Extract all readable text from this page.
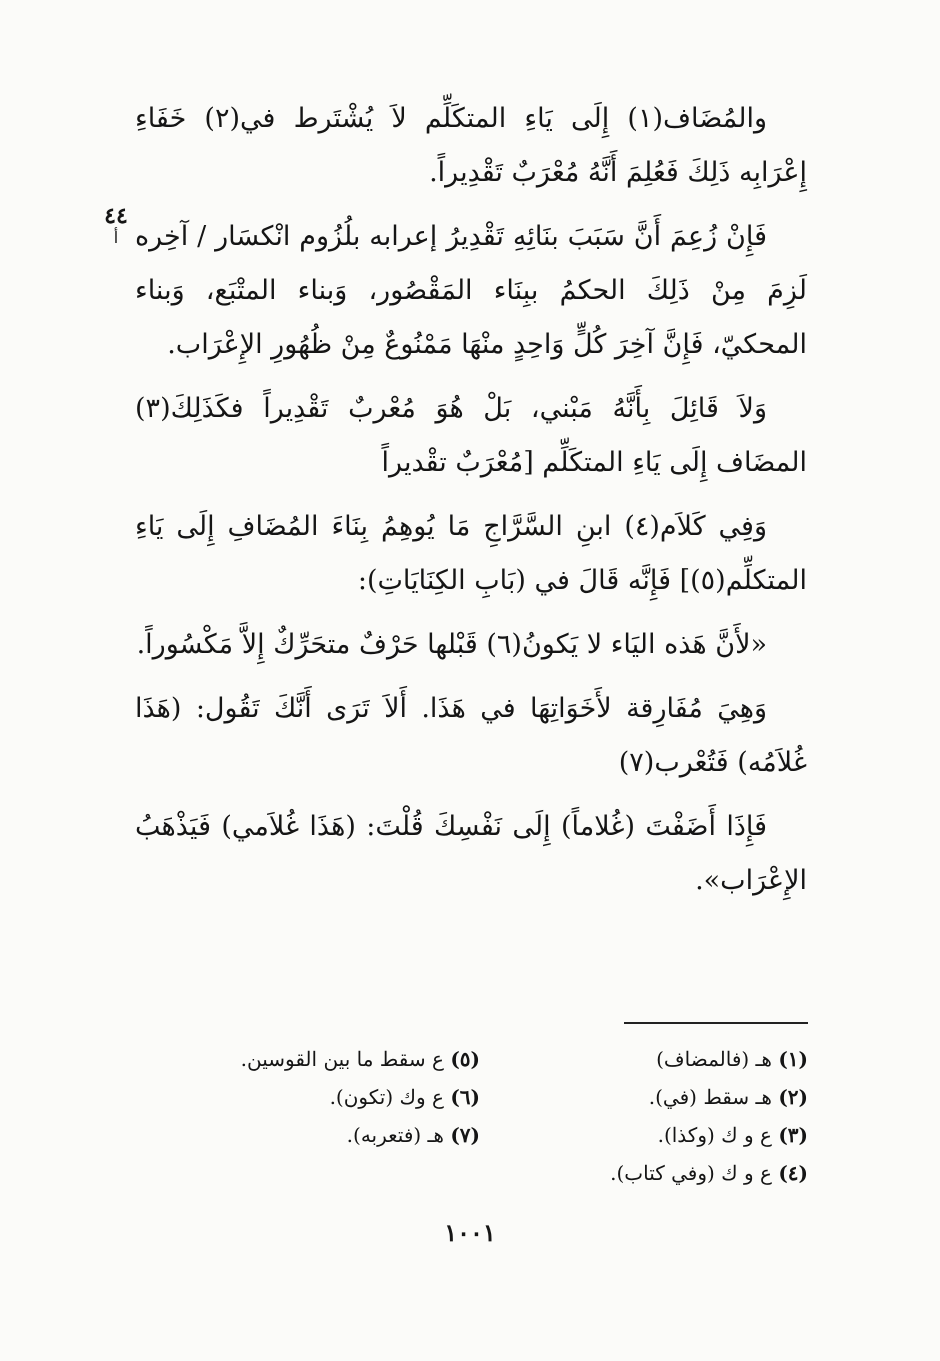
٤٤
أ

والمُضَاف(١) إِلَى يَاءِ المتكَلِّم لاَ يُشْتَرط في(٢) خَفَاءِ إِعْرَابِه ذَلِكَ فَعُلِمَ أَنَّهُ مُعْرَبٌ تَقْدِيراً.

فَإِنْ زُعِمَ أَنَّ سَبَبَ بنَائِهِ تَقْدِيرُ إعرابه بلُزُوم انْكسَار / آخِره لَزِمَ مِنْ ذَلِكَ الحكمُ ببِنَاء المَقْصُور، وَبناء المتْبَع، وَبناء المحكيّ، فَإِنَّ آخِرَ كُلٍّ وَاحِدٍ منْهَا مَمْنُوعٌ مِنْ ظُهُورِ الإِعْرَاب.

وَلاَ قَائِلَ بِأَنَّهُ مَبْني، بَلْ هُوَ مُعْربٌ تَقْدِيراً فكَذَلِكَ(٣) المضَاف إِلَى يَاءِ المتكَلِّم [مُعْرَبٌ تقْديراً

وَفِي كَلاَم(٤) ابنِ السَّرَّاجِ مَا يُوهِمُ بِنَاءَ المُضَافِ إِلَى يَاءِ المتكلِّم(٥)] فَإِنَّه قَالَ في (بَابِ الكِنَايَاتِ):

«لأَنَّ هَذه اليَاء لا يَكونُ(٦) قَبْلها حَرْفٌ متحَرِّكٌ إِلاَّ مَكْسُوراً.

وَهِيَ مُفَارِقة لأَخَوَاتِهَا في هَذَا. أَلاَ تَرَى أَنَّكَ تَقُول: (هَذَا غُلاَمُه) فَتُعْرب(٧)

فَإِذَا أَضَفْتَ (غُلاماً) إِلَى نَفْسِكَ قُلْتَ: (هَذَا غُلاَمي) فَيَذْهَبُ الإِعْرَاب».

(١) هـ (فالمضاف)
(٢) هـ سقط (في).
(٣) ع و ك (وكذا).
(٤) ع و ك (وفي كتاب).
(٥) ع سقط ما بين القوسين.
(٦) ع وك (تكون).
(٧) هـ (فتعربه).
١٠٠١
